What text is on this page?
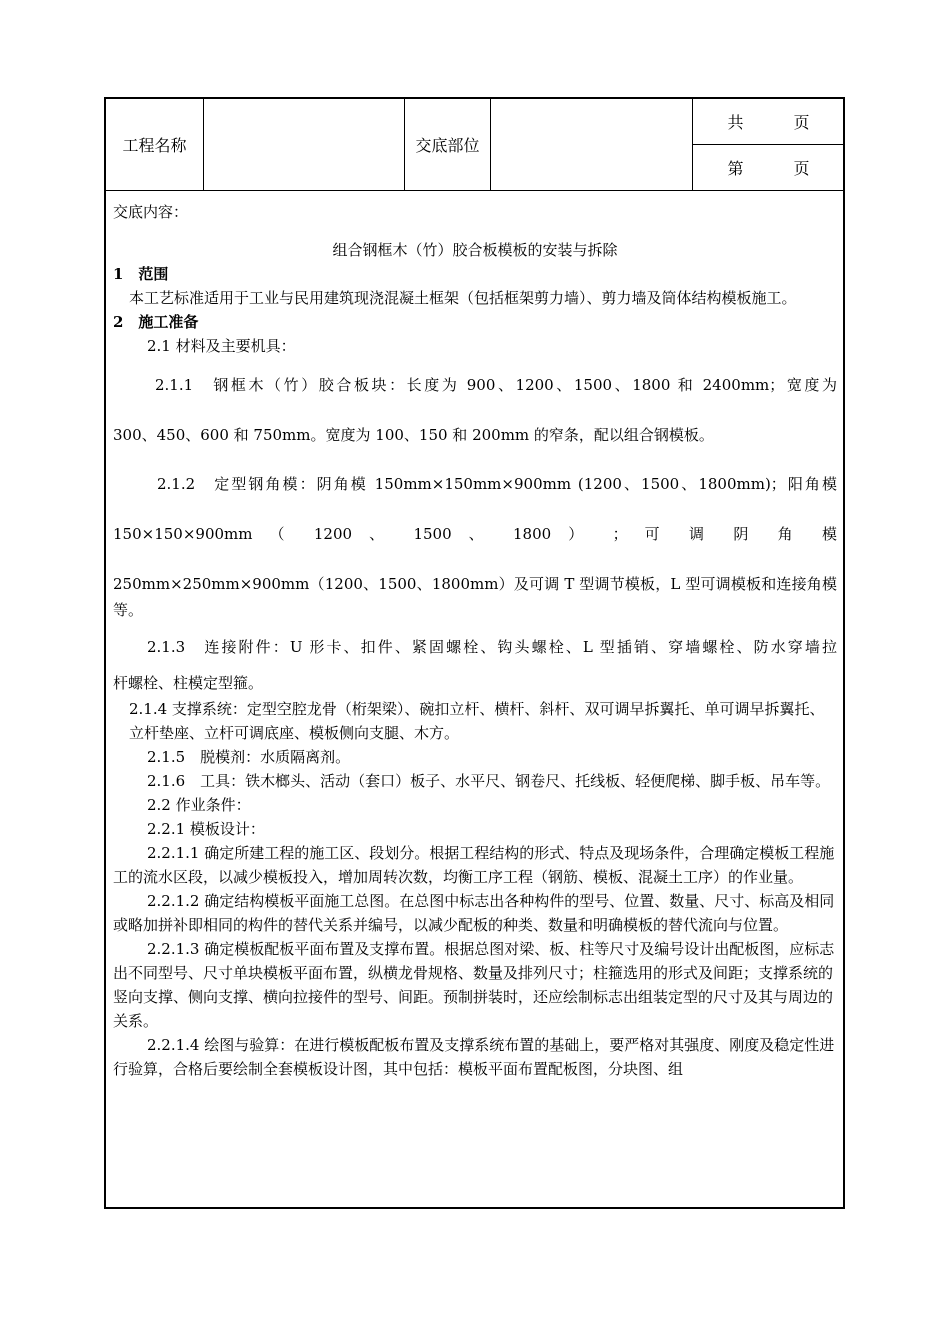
工程名称	交底部位
共	页
第	页

交底内容：

组合钢框木（竹）胶合板模板的安装与拆除

1　范围

本工艺标准适用于工业与民用建筑现浇混凝土框架（包括框架剪力墙）、剪力墙及筒体结构模板施工。

2　施工准备

2.1 材料及主要机具：

2.1.1　钢框木（竹）胶合板块：长度为 900、1200、1500、1800 和 2400mm；宽度为

300、450、600 和 750mm。宽度为 100、150 和 200mm 的窄条，配以组合钢模板。

2.1.2　定型钢角模：阴角模 150mm×150mm×900mm (1200、1500、1800mm)；阳角模

150×150×900mm （ 1200 、 1500 、 1800 ） ； 可 调 阴 角 模

250mm×250mm×900mm（1200、1500、1800mm）及可调 T 型调节模板，L 型可调模板和连接角模

等。

2.1.3　连接附件：U 形卡、扣件、紧固螺栓、钩头螺栓、L 型插销、穿墙螺栓、防水穿墙拉

杆螺栓、柱模定型箍。

2.1.4 支撑系统：定型空腔龙骨（桁架梁）、碗扣立杆、横杆、斜杆、双可调早拆翼托、单可调早拆翼托、立杆垫座、立杆可调底座、模板侧向支腿、木方。

2.1.5　脱模剂：水质隔离剂。

2.1.6　工具：铁木榔头、活动（套口）板子、水平尺、钢卷尺、托线板、轻便爬梯、脚手板、吊车等。

2.2 作业条件：

2.2.1 模板设计：

2.2.1.1 确定所建工程的施工区、段划分。根据工程结构的形式、特点及现场条件，合理确定模板工程施工的流水区段，以减少模板投入，增加周转次数，均衡工序工程（钢筋、模板、混凝土工序）的作业量。

2.2.1.2 确定结构模板平面施工总图。在总图中标志出各种构件的型号、位置、数量、尺寸、标高及相同或略加拼补即相同的构件的替代关系并编号，以减少配板的种类、数量和明确模板的替代流向与位置。

2.2.1.3 确定模板配板平面布置及支撑布置。根据总图对梁、板、柱等尺寸及编号设计出配板图，应标志出不同型号、尺寸单块模板平面布置，纵横龙骨规格、数量及排列尺寸；柱箍选用的形式及间距；支撑系统的竖向支撑、侧向支撑、横向拉接件的型号、间距。预制拼装时，还应绘制标志出组装定型的尺寸及其与周边的关系。

2.2.1.4 绘图与验算：在进行模板配板布置及支撑系统布置的基础上，要严格对其强度、刚度及稳定性进行验算，合格后要绘制全套模板设计图，其中包括：模板平面布置配板图，分块图、组
